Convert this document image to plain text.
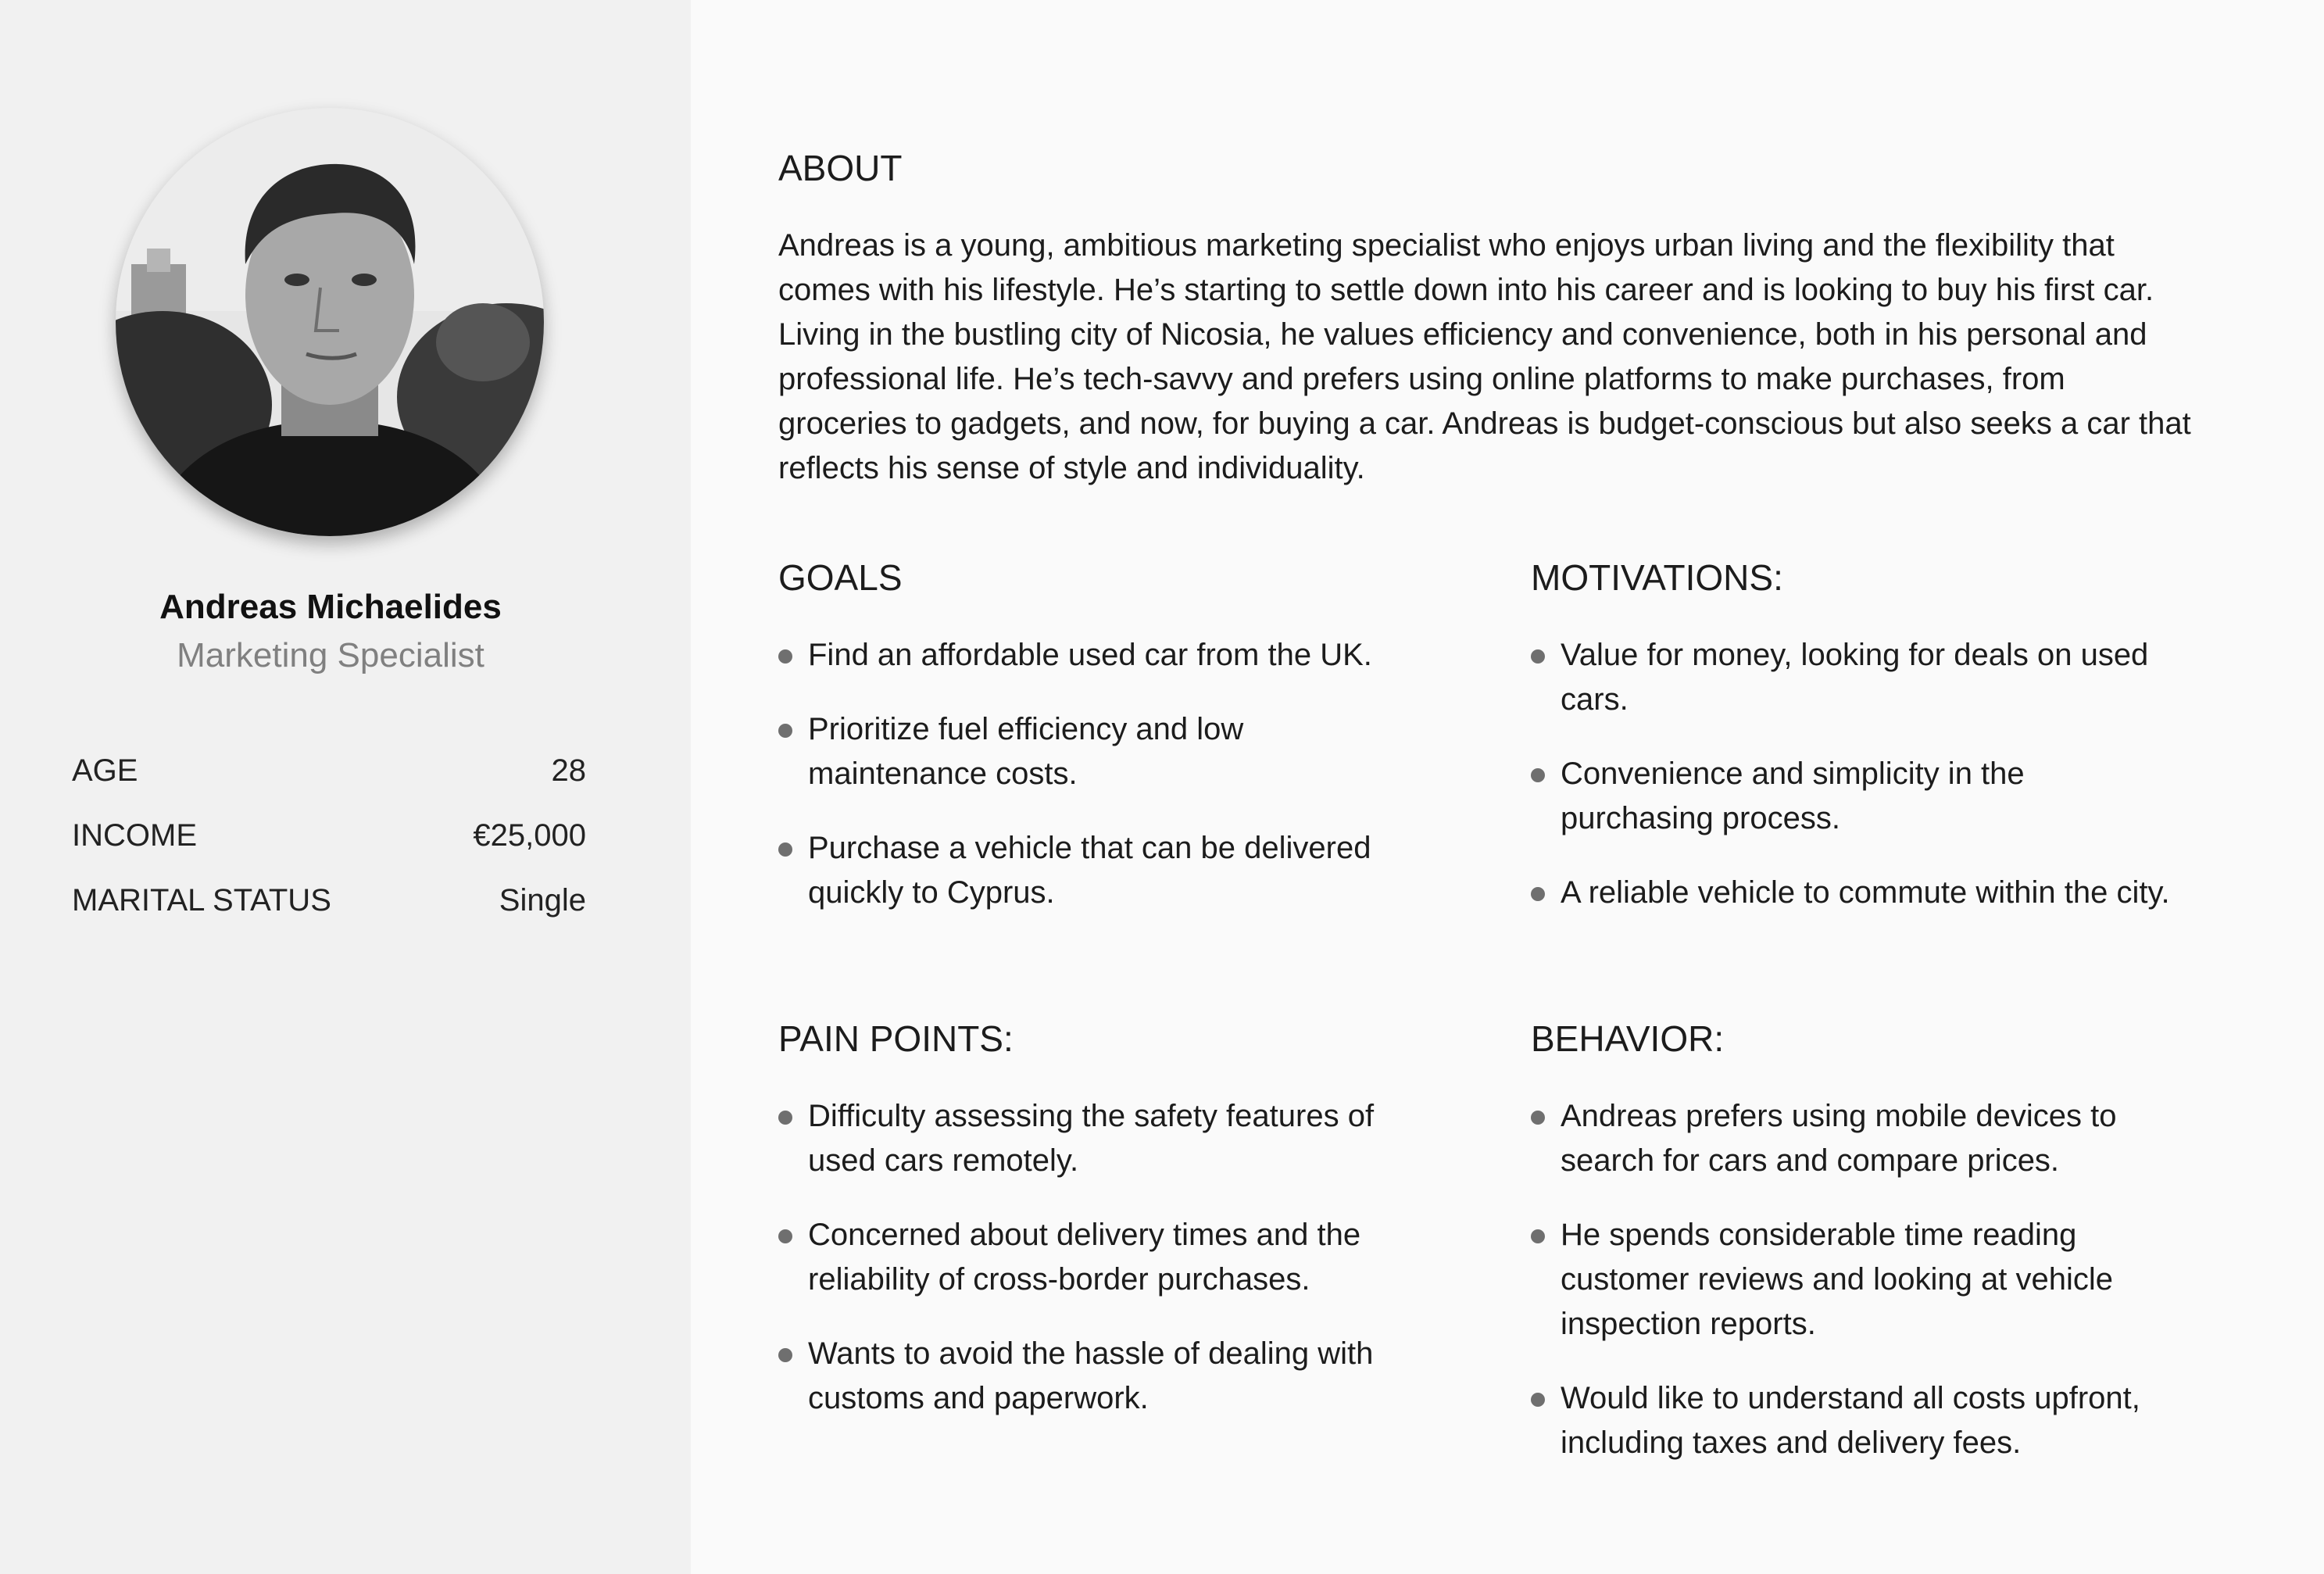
Andreas Michaelides
Marketing Specialist
AGE	28
INCOME	€25,000
MARITAL STATUS	Single
ABOUT

Andreas is a young, ambitious marketing specialist who enjoys urban living and the flexibility that comes with his lifestyle. He’s starting to settle down into his career and is looking to buy his first car. Living in the bustling city of Nicosia, he values efficiency and convenience, both in his personal and professional life. He’s tech-savvy and prefers using online platforms to make purchases, from groceries to gadgets, and now, for buying a car. Andreas is budget-conscious but also seeks a car that reflects his sense of style and individuality.

GOALS
Find an affordable used car from the UK.
Prioritize fuel efficiency and low maintenance costs.
Purchase a vehicle that can be delivered quickly to Cyprus.
MOTIVATIONS:
Value for money, looking for deals on used cars.
Convenience and simplicity in the purchasing process.
A reliable vehicle to commute within the city.
PAIN POINTS:
Difficulty assessing the safety features of used cars remotely.
Concerned about delivery times and the reliability of cross-border purchases.
Wants to avoid the hassle of dealing with customs and paperwork.
BEHAVIOR:
Andreas prefers using mobile devices to search for cars and compare prices.
He spends considerable time reading customer reviews and looking at vehicle inspection reports.
Would like to understand all costs upfront, including taxes and delivery fees.
